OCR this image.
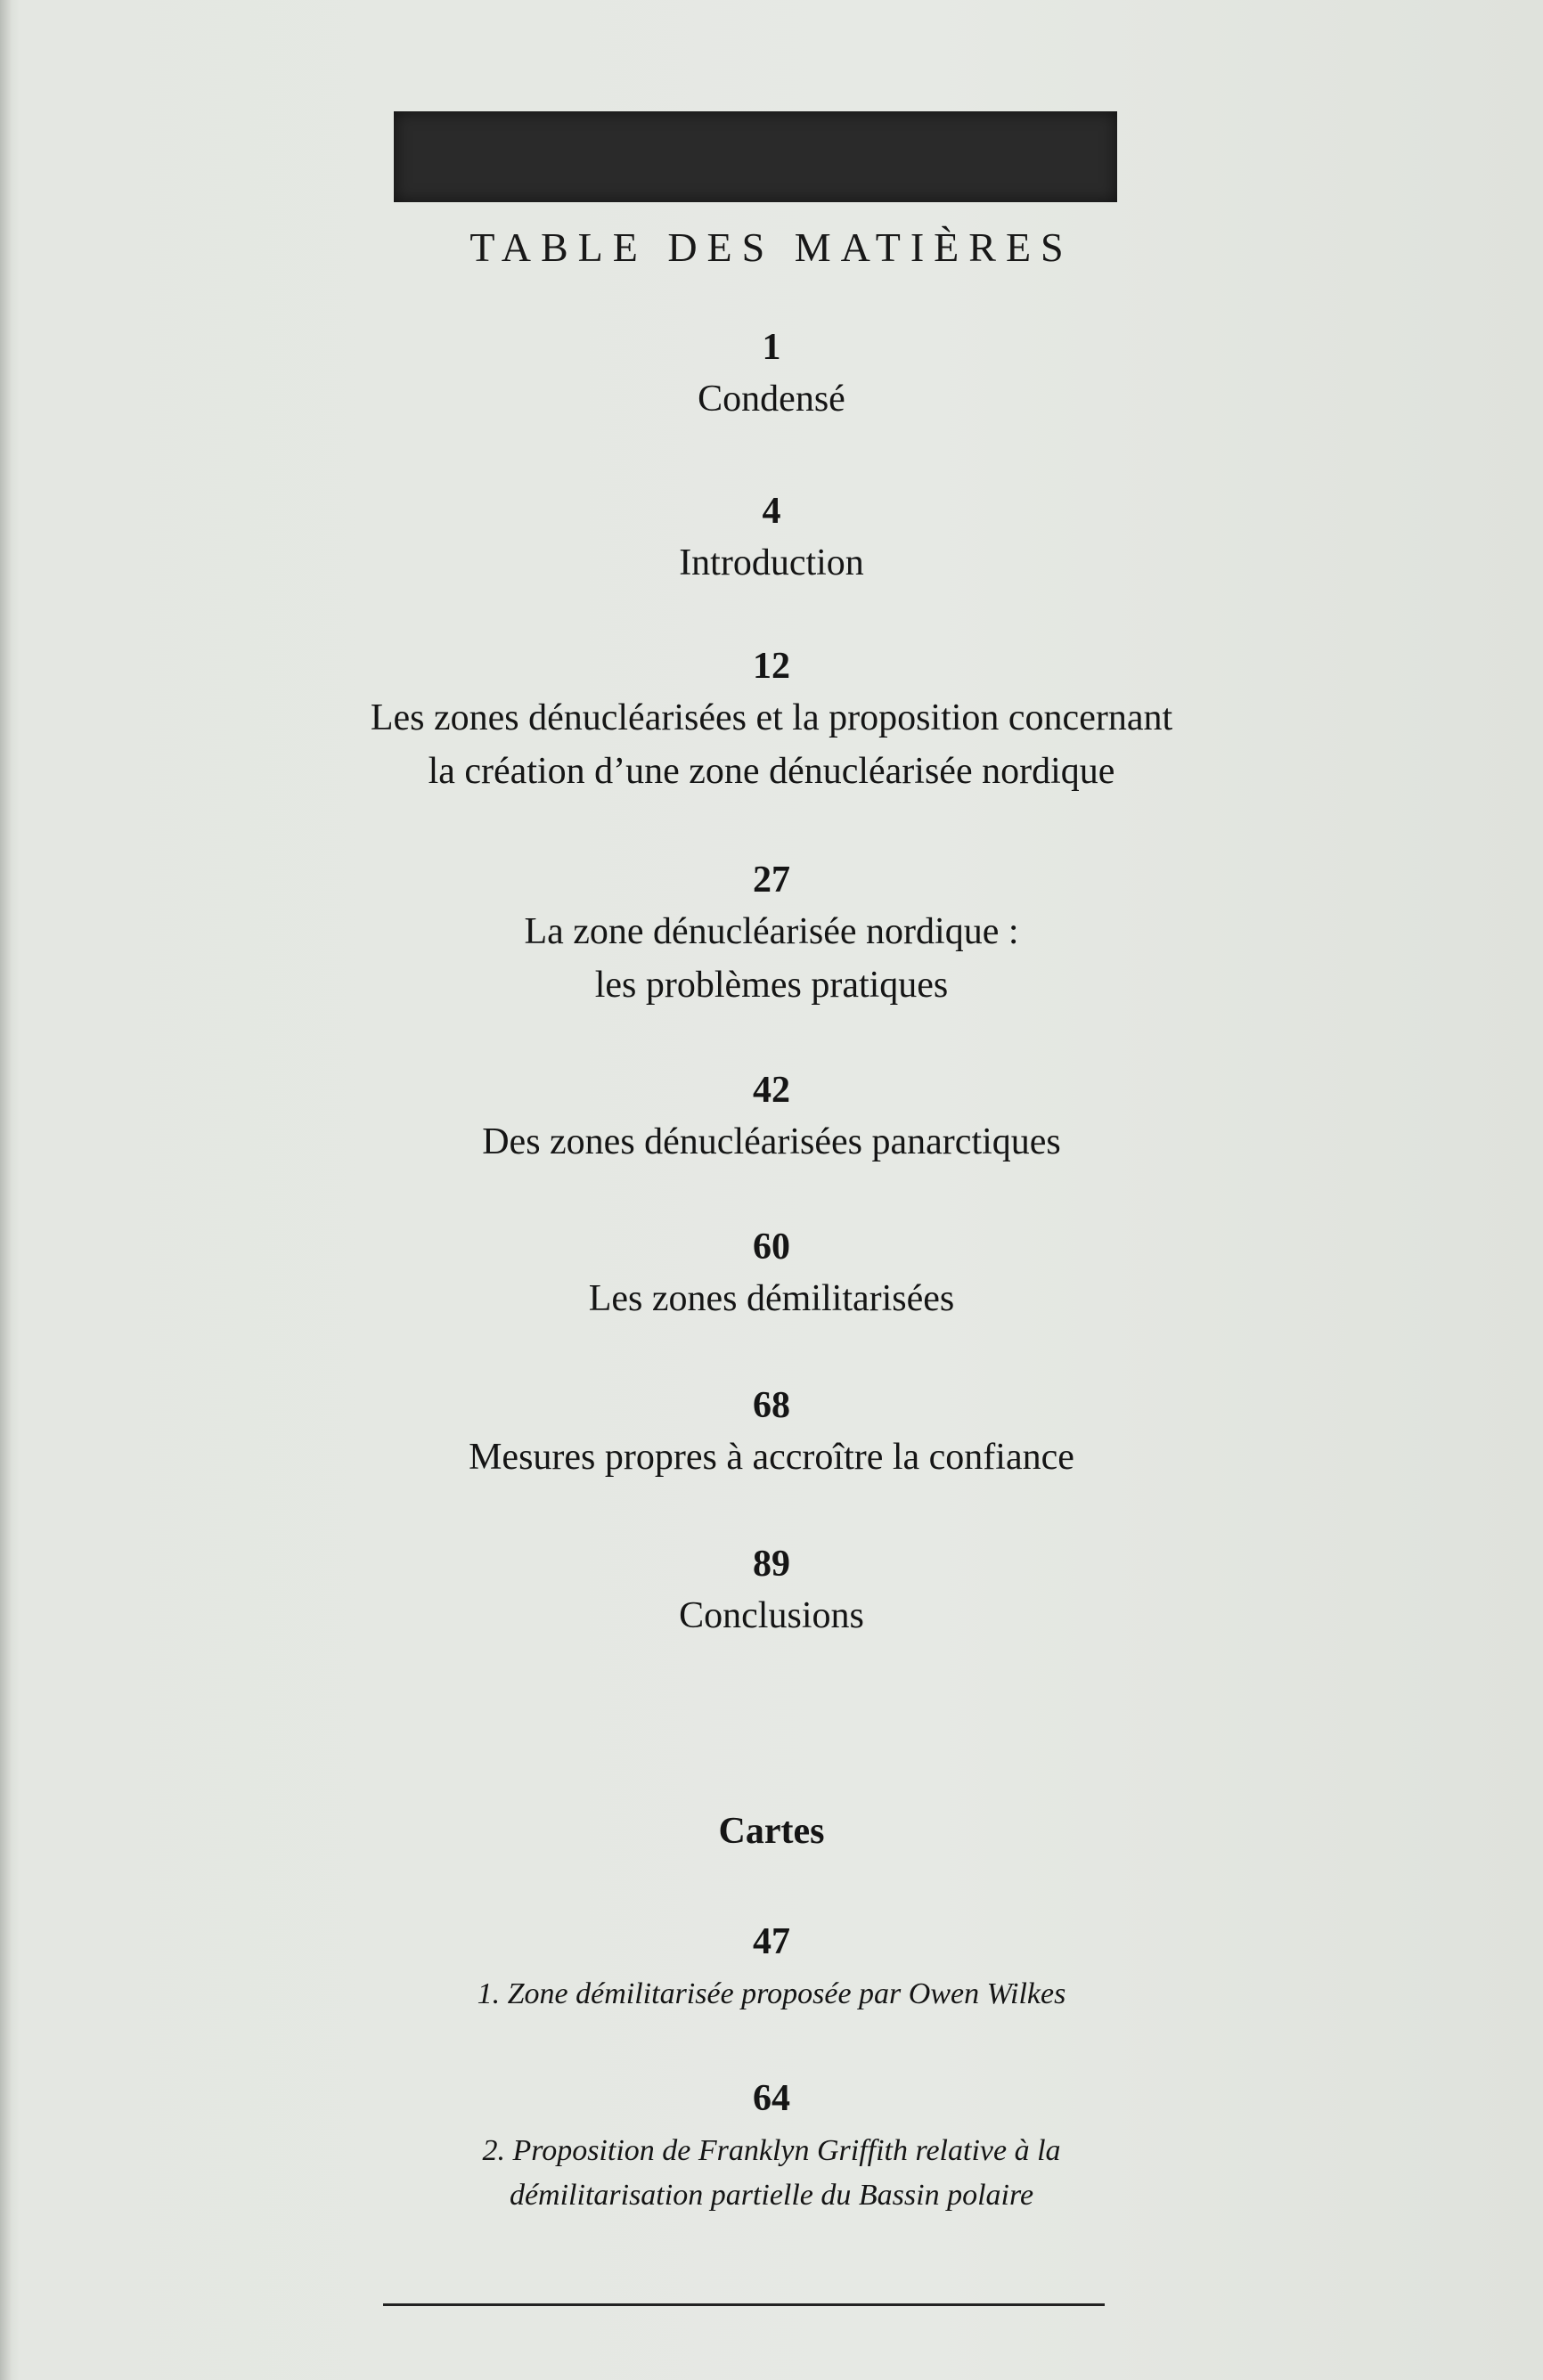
TABLE DES MATIÈRES
1
Condensé
4
Introduction
12
Les zones dénucléarisées et la proposition concernant
la création d’une zone dénucléarisée nordique
27
La zone dénucléarisée nordique :
les problèmes pratiques
42
Des zones dénucléarisées panarctiques
60
Les zones démilitarisées
68
Mesures propres à accroître la confiance
89
Conclusions
Cartes
47
1. Zone démilitarisée proposée par Owen Wilkes
64
2. Proposition de Franklyn Griffith relative à la
démilitarisation partielle du Bassin polaire
